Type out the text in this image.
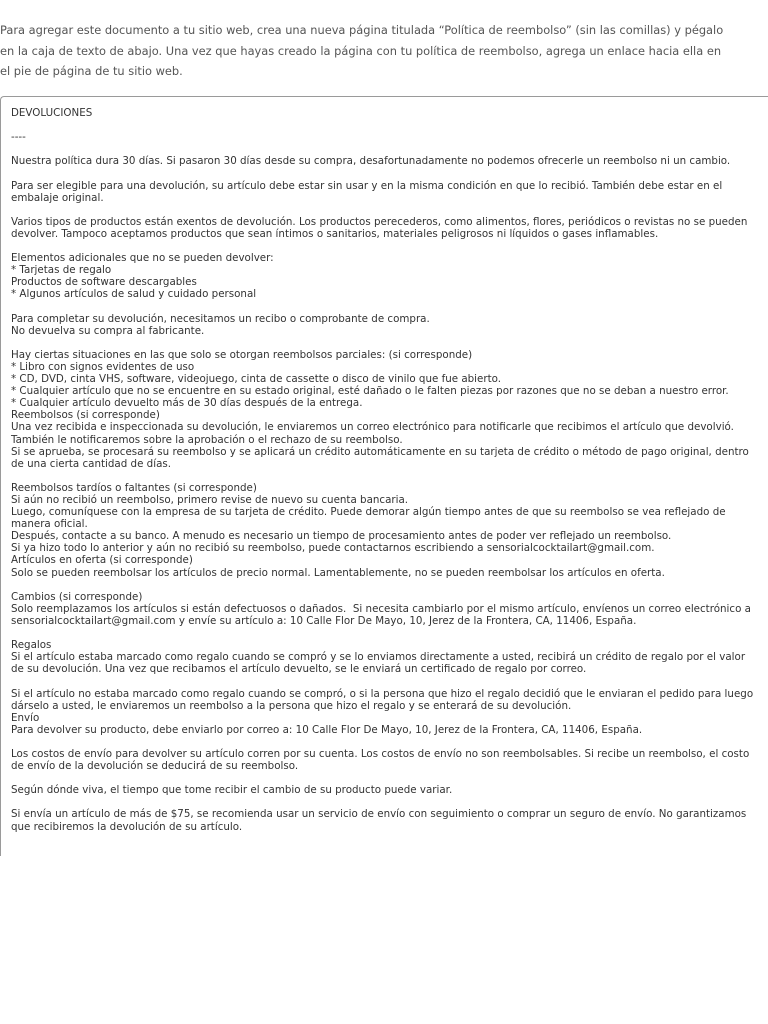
Para agregar este documento a tu sitio web, crea una nueva página titulada “Política de reembolso” (sin las comillas) y pégalo
en la caja de texto de abajo. Una vez que hayas creado la página con tu política de reembolso, agrega un enlace hacia ella en
el pie de página de tu sitio web.
DEVOLUCIONES
----
Nuestra política dura 30 días. Si pasaron 30 días desde su compra, desafortunadamente no podemos ofrecerle un reembolso ni un cambio.
Para ser elegible para una devolución, su artículo debe estar sin usar y en la misma condición en que lo recibió. También debe estar en el
embalaje original.
Varios tipos de productos están exentos de devolución. Los productos perecederos, como alimentos, flores, periódicos o revistas no se pueden
devolver. Tampoco aceptamos productos que sean íntimos o sanitarios, materiales peligrosos ni líquidos o gases inflamables.
Elementos adicionales que no se pueden devolver:
* Tarjetas de regalo
Productos de software descargables
* Algunos artículos de salud y cuidado personal
Para completar su devolución, necesitamos un recibo o comprobante de compra.
No devuelva su compra al fabricante.
Hay ciertas situaciones en las que solo se otorgan reembolsos parciales: (si corresponde)
* Libro con signos evidentes de uso
* CD, DVD, cinta VHS, software, videojuego, cinta de cassette o disco de vinilo que fue abierto.
* Cualquier artículo que no se encuentre en su estado original, esté dañado o le falten piezas por razones que no se deban a nuestro error.
* Cualquier artículo devuelto más de 30 días después de la entrega.
Reembolsos (si corresponde)
Una vez recibida e inspeccionada su devolución, le enviaremos un correo electrónico para notificarle que recibimos el artículo que devolvió.
También le notificaremos sobre la aprobación o el rechazo de su reembolso.
Si se aprueba, se procesará su reembolso y se aplicará un crédito automáticamente en su tarjeta de crédito o método de pago original, dentro
de una cierta cantidad de días.
Reembolsos tardíos o faltantes (si corresponde)
Si aún no recibió un reembolso, primero revise de nuevo su cuenta bancaria.
Luego, comuníquese con la empresa de su tarjeta de crédito. Puede demorar algún tiempo antes de que su reembolso se vea reflejado de
manera oficial.
Después, contacte a su banco. A menudo es necesario un tiempo de procesamiento antes de poder ver reflejado un reembolso.
Si ya hizo todo lo anterior y aún no recibió su reembolso, puede contactarnos escribiendo a sensorialcocktailart@gmail.com.
Artículos en oferta (si corresponde)
Solo se pueden reembolsar los artículos de precio normal. Lamentablemente, no se pueden reembolsar los artículos en oferta.
Cambios (si corresponde)
Solo reemplazamos los artículos si están defectuosos o dañados.  Si necesita cambiarlo por el mismo artículo, envíenos un correo electrónico a
sensorialcocktailart@gmail.com y envíe su artículo a: 10 Calle Flor De Mayo, 10, Jerez de la Frontera, CA, 11406, España.
Regalos
Si el artículo estaba marcado como regalo cuando se compró y se lo enviamos directamente a usted, recibirá un crédito de regalo por el valor
de su devolución. Una vez que recibamos el artículo devuelto, se le enviará un certificado de regalo por correo.
Si el artículo no estaba marcado como regalo cuando se compró, o si la persona que hizo el regalo decidió que le enviaran el pedido para luego
dárselo a usted, le enviaremos un reembolso a la persona que hizo el regalo y se enterará de su devolución.
Envío
Para devolver su producto, debe enviarlo por correo a: 10 Calle Flor De Mayo, 10, Jerez de la Frontera, CA, 11406, España.
Los costos de envío para devolver su artículo corren por su cuenta. Los costos de envío no son reembolsables. Si recibe un reembolso, el costo
de envío de la devolución se deducirá de su reembolso.
Según dónde viva, el tiempo que tome recibir el cambio de su producto puede variar.
Si envía un artículo de más de $75, se recomienda usar un servicio de envío con seguimiento o comprar un seguro de envío. No garantizamos
que recibiremos la devolución de su artículo.
